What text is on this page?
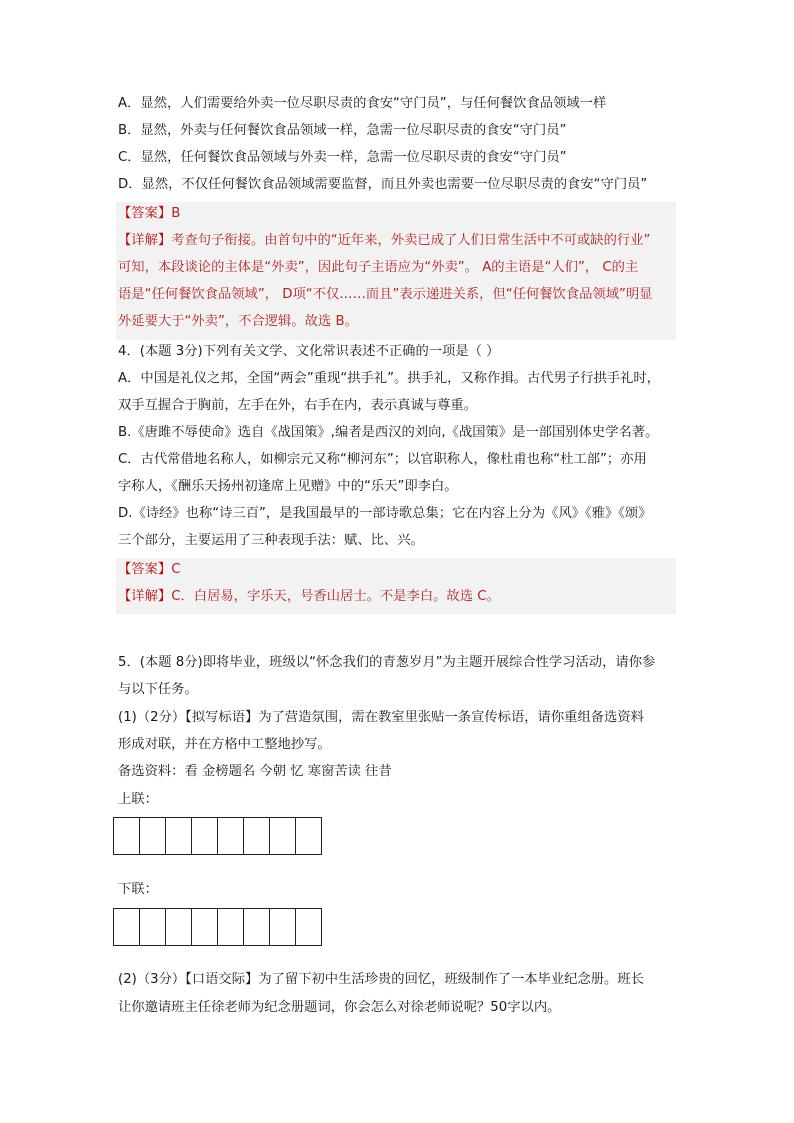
A．显然，人们需要给外卖一位尽职尽责的食安“守门员”，与任何餐饮食品领域一样
B．显然，外卖与任何餐饮食品领域一样，急需一位尽职尽责的食安“守门员”
C．显然，任何餐饮食品领域与外卖一样，急需一位尽职尽责的食安“守门员”
D．显然，不仅任何餐饮食品领域需要监督，而且外卖也需要一位尽职尽责的食安“守门员”
【答案】B
【详解】考查句子衔接。由首句中的“近年来，外卖已成了人们日常生活中不可或缺的行业”
可知，本段谈论的主体是“外卖”，因此句子主语应为“外卖”。 A的主语是“人们”， C的主
语是“任何餐饮食品领域”， D项“不仅……而且”表示递进关系，但“任何餐饮食品领域”明显
外延要大于“外卖”，不合逻辑。故选 B。
4．(本题 3分)下列有关文学、文化常识表述不正确的一项是（ ）
A．中国是礼仪之邦，全国“两会”重现“拱手礼”。拱手礼，又称作揖。古代男子行拱手礼时，
双手互握合于胸前，左手在外，右手在内，表示真诚与尊重。
B.《唐雎不辱使命》选自《战国策》,编者是西汉的刘向,《战国策》是一部国别体史学名著。
C．古代常借地名称人，如柳宗元又称“柳河东”；以官职称人，像杜甫也称“杜工部”；亦用
字称人，《酬乐天扬州初逢席上见赠》中的“乐天”即李白。
D.《诗经》也称“诗三百”，是我国最早的一部诗歌总集；它在内容上分为《风》《雅》《颂》
三个部分，主要运用了三种表现手法：赋、比、兴。
【答案】C
【详解】C．白居易，字乐天，号香山居士。不是李白。故选 C。
5．(本题 8分)即将毕业，班级以“怀念我们的青葱岁月”为主题开展综合性学习活动，请你参
与以下任务。
(1)（2分）【拟写标语】为了营造氛围，需在教室里张贴一条宣传标语，请你重组备选资料
形成对联，并在方格中工整地抄写。
备选资料：看 金榜题名 今朝 忆 寒窗苦读 往昔
上联：
下联：
(2)（3分）【口语交际】为了留下初中生活珍贵的回忆，班级制作了一本毕业纪念册。班长
让你邀请班主任徐老师为纪念册题词，你会怎么对徐老师说呢？50字以内。
